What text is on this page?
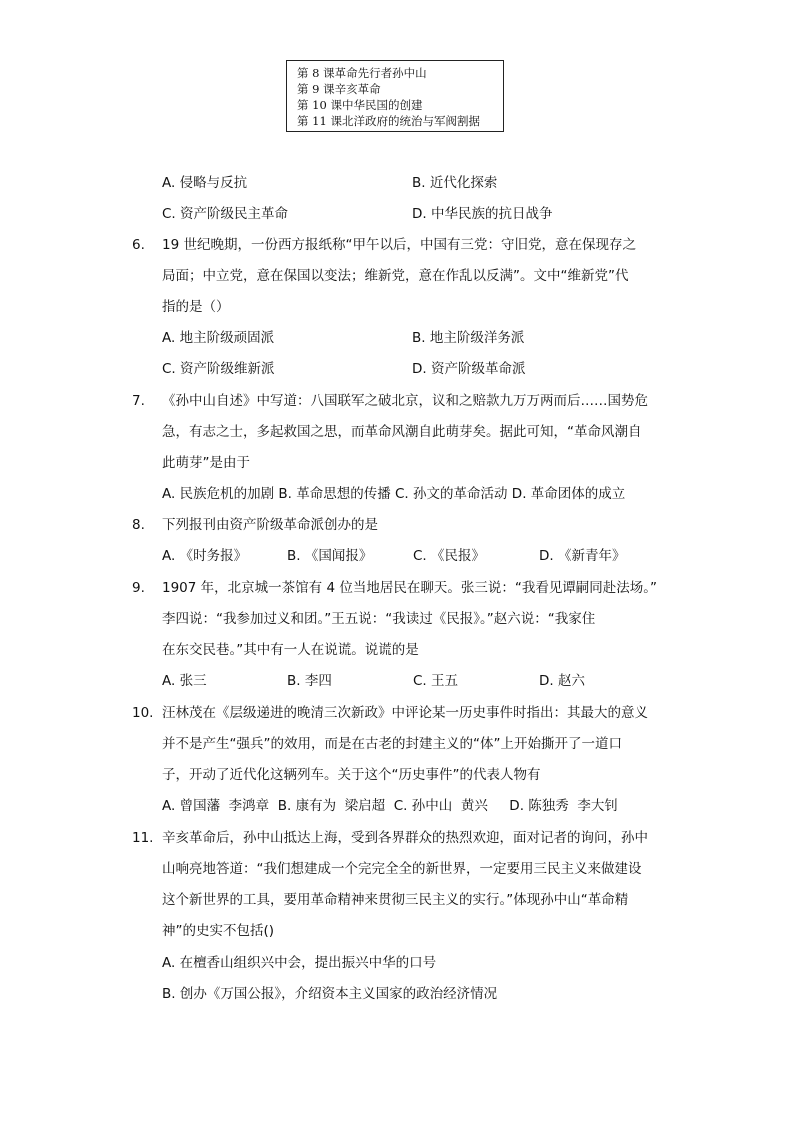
第 8 课革命先行者孙中山
第 9 课辛亥革命
第 10 课中华民国的创建
第 11 课北洋政府的统治与军阀割据
A. 侵略与反抗	B. 近代化探索
C. 资产阶级民主革命	D. 中华民族的抗日战争
6. 19 世纪晚期，一份西方报纸称“甲午以后，中国有三党：守旧党，意在保现存之
局面；中立党，意在保国以变法；维新党，意在作乱以反满”。文中“维新党”代
指的是（）
A. 地主阶级顽固派	B. 地主阶级洋务派
C. 资产阶级维新派	D. 资产阶级革命派
7. 《孙中山自述》中写道：八国联军之破北京，议和之赔款九万万两而后……国势危
急，有志之士，多起救国之思，而革命风潮自此萌芽矣。据此可知，“革命风潮自
此萌芽”是由于
A. 民族危机的加剧 B. 革命思想的传播 C. 孙文的革命活动 D. 革命团体的成立
8. 下列报刊由资产阶级革命派创办的是
A. 《时务报》	B. 《国闻报》	C. 《民报》	D. 《新青年》
9. 1907 年，北京城一茶馆有 4 位当地居民在聊天。张三说：“我看见谭嗣同赴法场。”
李四说：“我参加过义和团。”王五说：“我读过《民报》。”赵六说：“我家住
在东交民巷。”其中有一人在说谎。说谎的是
A. 张三	B. 李四	C. 王五	D. 赵六
10. 汪林茂在《层级递进的晚清三次新政》中评论某一历史事件时指出：其最大的意义
并不是产生“强兵”的效用，而是在古老的封建主义的“体”上开始撕开了一道口
子，开动了近代化这辆列车。关于这个“历史事件”的代表人物有
A. 曾国藩  李鸿章  B. 康有为  梁启超  C. 孙中山  黄兴     D. 陈独秀  李大钊
11. 辛亥革命后，孙中山抵达上海，受到各界群众的热烈欢迎，面对记者的询问，孙中
山响亮地答道：“我们想建成一个完完全全的新世界，一定要用三民主义来做建设
这个新世界的工具，要用革命精神来贯彻三民主义的实行。”体现孙中山“革命精
神”的史实不包括()
A. 在檀香山组织兴中会，提出振兴中华的口号
B. 创办《万国公报》，介绍资本主义国家的政治经济情况
